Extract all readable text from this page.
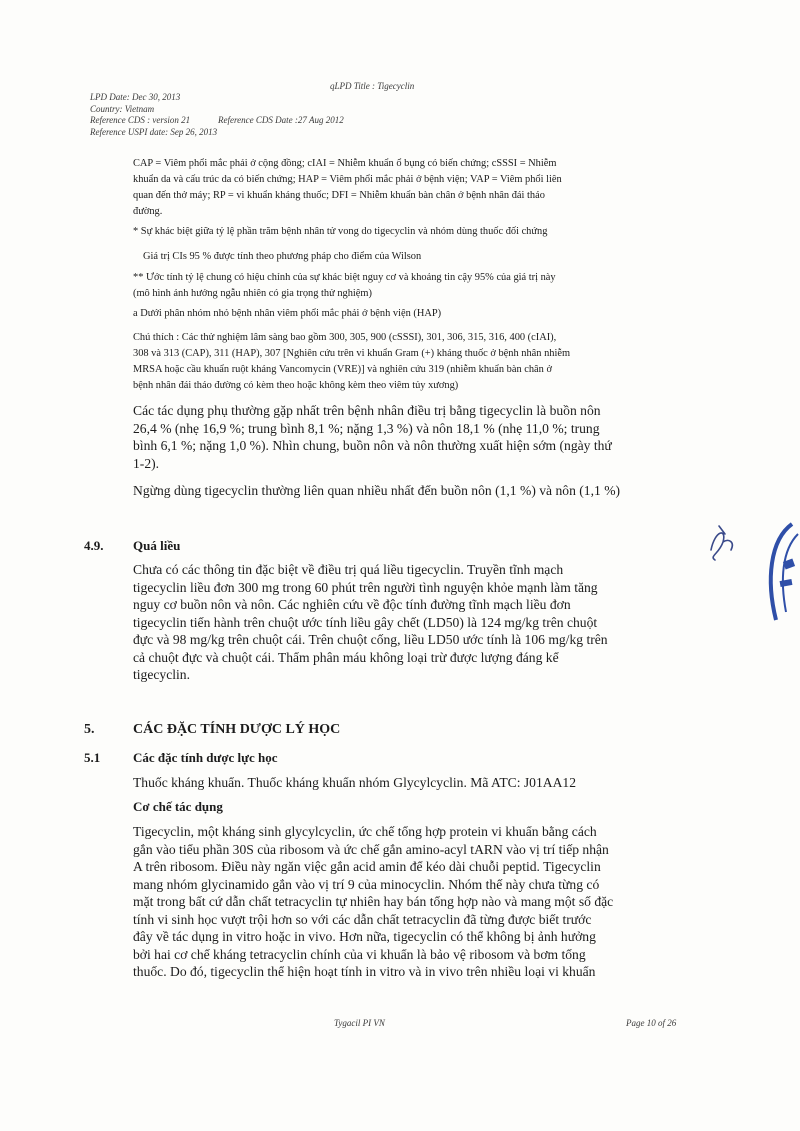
qLPD Title : Tigecyclin
LPD Date: Dec 30, 2013
Country: Vietnam
Reference CDS : version 21
Reference USPI date: Sep 26, 2013
Reference CDS Date :27 Aug 2012
CAP = Viêm phổi mắc phải ở cộng đồng; cIAI = Nhiễm khuẩn ổ bụng có biến chứng; cSSSI = Nhiễm
khuẩn da và cấu trúc da có biến chứng; HAP = Viêm phổi mắc phải ở bệnh viện; VAP = Viêm phổi liên
quan đến thở máy; RP = vi khuẩn kháng thuốc; DFI = Nhiễm khuẩn bàn chân ở bệnh nhân đái tháo
đường.
* Sự khác biệt giữa tỷ lệ phần trăm bệnh nhân tử vong do tigecyclin và nhóm dùng thuốc đối chứng
Giá trị CIs 95 % được tính theo phương pháp cho điểm của Wilson
** Ước tính tỷ lệ chung có hiệu chỉnh của sự khác biệt nguy cơ và khoảng tin cậy 95% của giá trị này
(mô hình ảnh hưởng ngẫu nhiên có gia trọng thử nghiệm)
a Dưới phân nhóm nhỏ bệnh nhân viêm phổi mắc phải ở bệnh viện (HAP)
Chú thích : Các thử nghiệm lâm sàng bao gồm 300, 305, 900 (cSSSI), 301, 306, 315, 316, 400 (cIAI),
308 và 313 (CAP), 311 (HAP), 307 [Nghiên cứu trên vi khuẩn Gram (+) kháng thuốc ở bệnh nhân nhiễm
MRSA hoặc cầu khuẩn ruột kháng Vancomycin (VRE)] và nghiên cứu 319 (nhiễm khuẩn bàn chân ở
bệnh nhân đái tháo đường có kèm theo hoặc không kèm theo viêm tủy xương)
Các tác dụng phụ thường gặp nhất trên bệnh nhân điều trị bằng tigecyclin là buồn nôn
26,4 % (nhẹ 16,9 %; trung bình 8,1 %; nặng 1,3 %) và nôn 18,1 % (nhẹ 11,0 %; trung
bình 6,1 %; nặng 1,0 %). Nhìn chung, buồn nôn và nôn thường xuất hiện sớm (ngày thứ
1-2).
Ngừng dùng tigecyclin thường liên quan nhiều nhất đến buồn nôn (1,1 %) và nôn (1,1 %)
4.9. Quá liều
Chưa có các thông tin đặc biệt về điều trị quá liều tigecyclin. Truyền tĩnh mạch
tigecyclin liều đơn 300 mg trong 60 phút trên người tình nguyện khỏe mạnh làm tăng
nguy cơ buồn nôn và nôn. Các nghiên cứu về độc tính đường tĩnh mạch liều đơn
tigecyclin tiến hành trên chuột ước tính liều gây chết (LD50) là 124 mg/kg trên chuột
đực và 98 mg/kg trên chuột cái. Trên chuột cống, liều LD50 ước tính là 106 mg/kg trên
cả chuột đực và chuột cái. Thẩm phân máu không loại trừ được lượng đáng kể
tigecyclin.
5.	CÁC ĐẶC TÍNH DƯỢC LÝ HỌC
5.1	Các đặc tính dược lực học
Thuốc kháng khuẩn. Thuốc kháng khuẩn nhóm Glycylcyclin. Mã ATC: J01AA12
Cơ chế tác dụng
Tigecyclin, một kháng sinh glycylcyclin, ức chế tổng hợp protein vi khuẩn bằng cách
gắn vào tiểu phần 30S của ribosom và ức chế gắn amino-acyl tARN vào vị trí tiếp nhận
A trên ribosom. Điều này ngăn việc gắn acid amin để kéo dài chuỗi peptid. Tigecyclin
mang nhóm glycinamido gắn vào vị trí 9 của minocyclin. Nhóm thế này chưa từng có
mặt trong bất cứ dẫn chất tetracyclin tự nhiên hay bán tổng hợp nào và mang một số đặc
tính vi sinh học vượt trội hơn so với các dẫn chất tetracyclin đã từng được biết trước
đây về tác dụng in vitro hoặc in vivo. Hơn nữa, tigecyclin có thể không bị ảnh hưởng
bởi hai cơ chế kháng tetracyclin chính của vi khuẩn là bảo vệ ribosom và bơm tống
thuốc. Do đó, tigecyclin thể hiện hoạt tính in vitro và in vivo trên nhiều loại vi khuẩn
Tygacil PI VN	Page 10 of 26
